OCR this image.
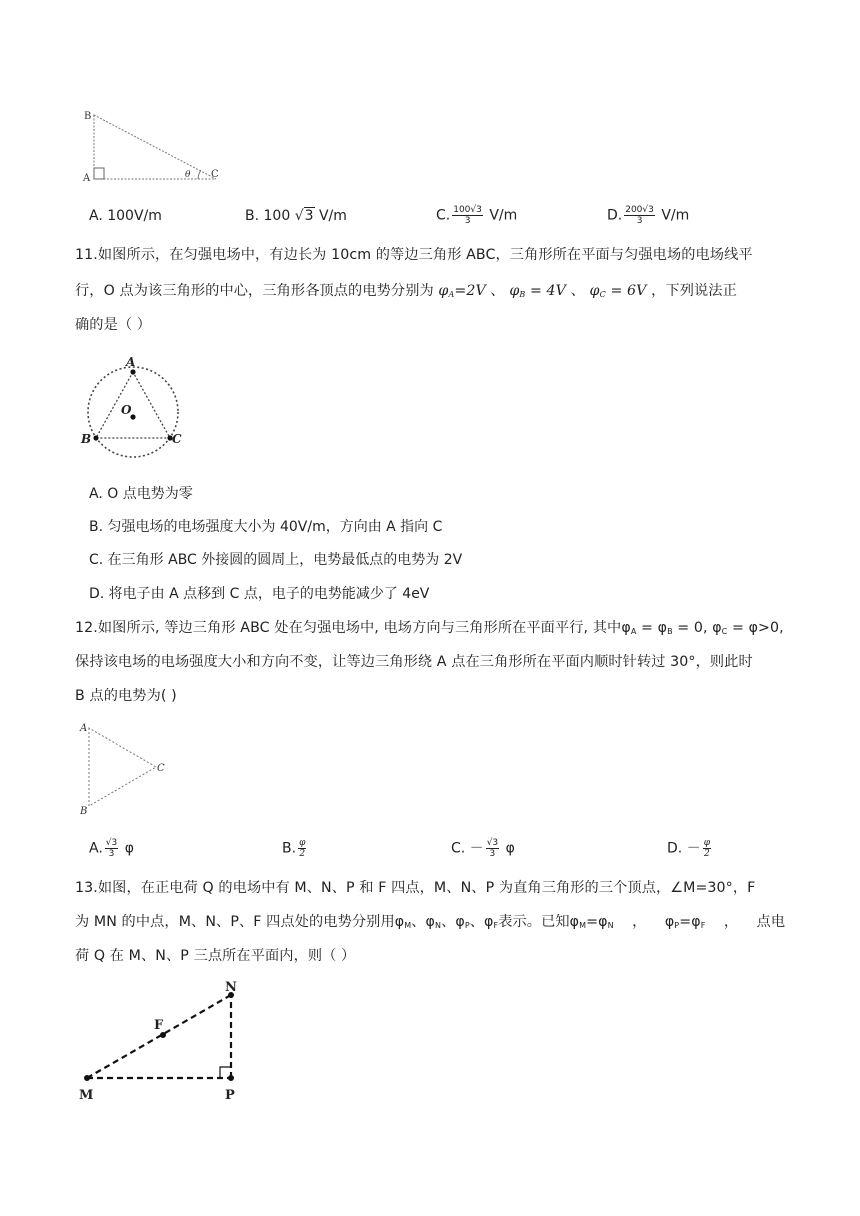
B
A	C
θ
A. 100V/m	B. 100 √3 V/m	C. $\frac{100√3}{3} V/m$	D. $\frac{200√3}{3} V/m$
11.如图所示，在匀强电场中，有边长为 10cm 的等边三角形 ABC，三角形所在平面与匀强电场的电场线平
行，O 点为该三角形的中心，三角形各顶点的电势分别为 $\varphi_A=2V$ 、 $\varphi_B = 4V$ 、 $\varphi_C = 6V$ ，下列说法正
确的是（ ）
A
O
B	C
A. O 点电势为零
B. 匀强电场的电场强度大小为 40V/m，方向由 A 指向 C
C. 在三角形 ABC 外接圆的圆周上，电势最低点的电势为 2V
D. 将电子由 A 点移到 C 点，电子的电势能减少了 4eV
12.如图所示, 等边三角形 ABC 处在匀强电场中, 电场方向与三角形所在平面平行, 其中$\varphi_A = \varphi_B = 0$, $\varphi_C = \varphi>0$,
保持该电场的电场强度大小和方向不变，让等边三角形绕 A 点在三角形所在平面内顺时针转过 30°，则此时
B 点的电势为( )
A
B
C
A. $\frac{√3}{3}$ φ	B. $\frac{\varphi}{2}$	C. － $\frac{√3}{3}$ φ	D. － $\frac{\varphi}{2}$
13.如图，在正电荷 Q 的电场中有 M、N、P 和 F 四点，M、N、P 为直角三角形的三个顶点，∠M=30°，F
为 MN 的中点，M、N、P、F 四点处的电势分别用$\varphi_M$、$\varphi_N$、$\varphi_P$、$\varphi_F$表示。已知$\varphi_M=\varphi_N$    ，    $\varphi_P=\varphi_F$    ，    点电
荷 Q 在 M、N、P 三点所在平面内，则（ ）
N
F
M	P
